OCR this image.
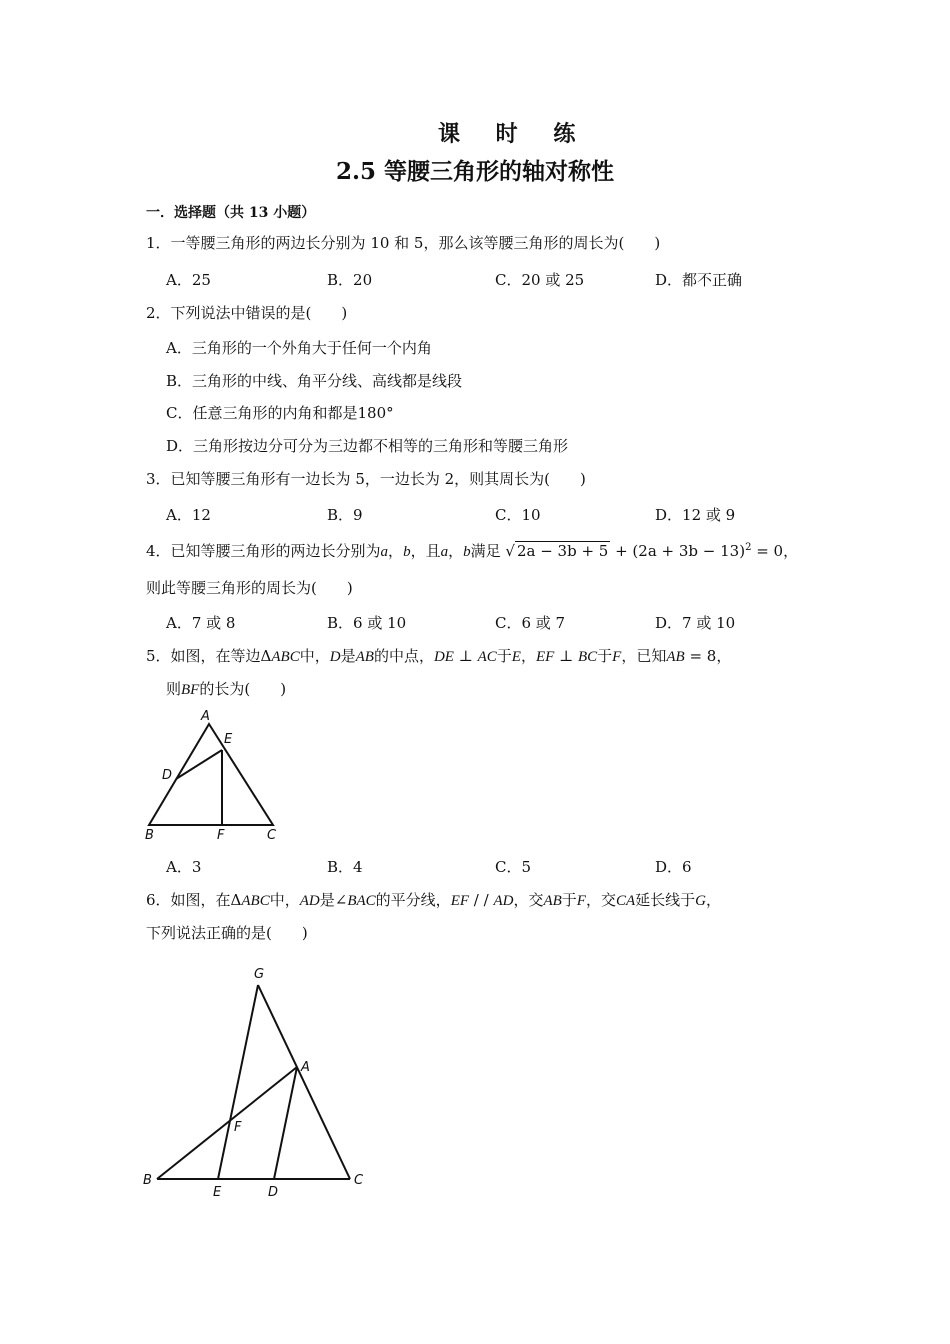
课 时 练
2.5 等腰三角形的轴对称性
一．选择题（共 13 小题）
1．一等腰三角形的两边长分别为 10 和 5，那么该等腰三角形的周长为(  )
A．25	B．20	C．20 或 25	D．都不正确
2．下列说法中错误的是(  )
A．三角形的一个外角大于任何一个内角
B．三角形的中线、角平分线、高线都是线段
C．任意三角形的内角和都是180°
D．三角形按边分可分为三边都不相等的三角形和等腰三角形
3．已知等腰三角形有一边长为 5，一边长为 2，则其周长为(  )
A．12	B．9	C．10	D．12 或 9
4．已知等腰三角形的两边长分别为a，b，且a，b满足 √ $2a - 3b + 5 + (2a + 3b - 13)^2 = 0$，
则此等腰三角形的周长为(  )
A．7 或 8	B．6 或 10	C．6 或 7	D．7 或 10
5．如图，在等边ΔABC中，D是AB的中点，DE ⊥ AC于E，EF ⊥ BC于F，已知AB = 8，
则BF的长为(  )
A
E
D
B	F	C
A．3	B．4	C．5	D．6
6．如图，在ΔABC中，AD是∠BAC的平分线，EF / / AD，交AB于F，交CA延长线于G，
下列说法正确的是(  )
G
A
F
B
E	D
C
